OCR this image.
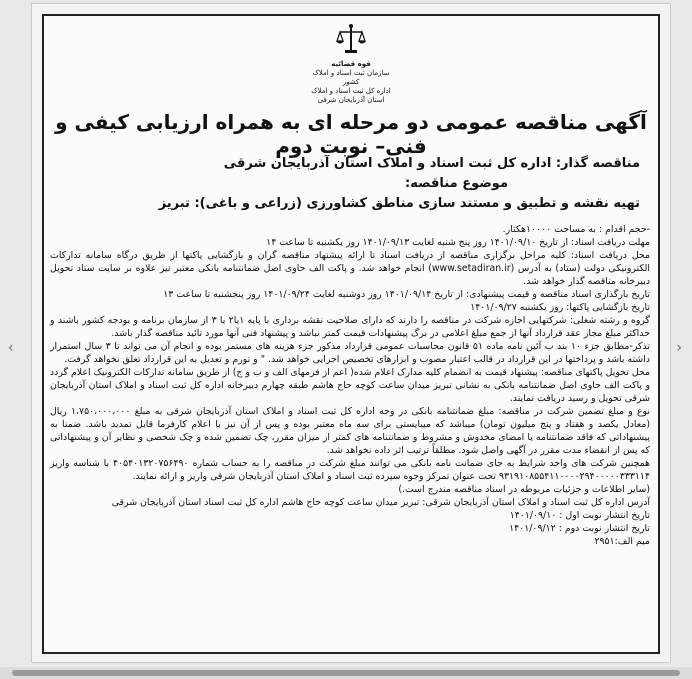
قوه قضائیه
سازمان ثبت اسناد و املاک کشور
اداره کل ثبت اسناد و املاک استان آذربایجان شرقی
آگهی مناقصه عمومی دو مرحله ای به همراه ارزیابی کیفی و فنی– نوبت دوم
مناقصه گذار: اداره کل ثبت اسناد و املاک استان آذربایجان شرقی
موضوع مناقصه:
تهیه نقشه و تطبیق و مستند سازی مناطق کشاورزی (زراعی و باغی): تبریز

-حجم اقدام : به مساحت ۱۰۰۰۰هکتار.

مهلت دریافت اسناد: از تاریخ ۱۴۰۱/۰۹/۱۰ روز پنج شنبه لغایت ۱۴۰۱/۰۹/۱۳ روز یکشنبه تا ساعت ۱۴

محل دریافت اسناد: کلیه مراحل برگزاری مناقصه از دریافت اسناد تا ارائه پیشنهاد مناقصه گران و بازگشایی پاکتها از طریق درگاه سامانه تدارکات الکترونیکی دولت (ستاد) به آدرس (www.setadiran.ir) انجام خواهد شد. و پاکت الف حاوی اصل ضمانتنامه بانکی معتبر نیز علاوه بر سایت ستاد تحویل دبیرخانه مناقصه گذار خواهد شد.

تاریخ بارگذاری اسناد مناقصه و قیمت پیشنهادی: از تاریخ ۱۴۰۱/۰۹/۱۴ روز دوشنبه لغایت ۱۴۰۱/۰۹/۲۴ روز پنجشنبه تا ساعت ۱۳

تاریخ بازگشایی پاکتها: روز یکشنبه ۱۴۰۱/۰۹/۲۷

گروه و رشته شغلی: شرکتهایی اجازه شرکت در مناقصه را دارند که دارای صلاحیت نقشه برداری با پایه ۱یا۲ یا ۳ از سازمان برنامه و بودجه کشور باشند و حداکثر مبلغ مجاز عقد قرارداد آنها از جمع مبلغ اعلامی در برگ پیشنهادات قیمت کمتر نباشد و پیشنهاد فنی آنها مورد تائید مناقصه گذار باشد.

تذکر-مطابق جزء ۱۰ بند ب آئین نامه ماده ۵۱ قانون محاسبات عمومی قرارداد مذکور جزء هزینه های مستمر بوده و انجام آن می تواند تا ۳ سال استمرار داشته باشد و پرداختها در این قرارداد در قالب اعتبار مصوب و ابزارهای تخصیص اجرایی خواهد شد. " و تورم و تعدیل به این قرارداد تعلق نخواهد گرفت.

محل تحویل پاکتهای مناقصه: پیشنهاد قیمت به انضمام کلیه مدارک اعلام شده( اعم از فرمهای الف و ب و ج) از طریق سامانه تدارکات الکترونیک اعلام گردد و پاکت الف حاوی اصل ضمانتنامه بانکی به نشانی تبریز میدان ساعت کوچه حاج هاشم طبقه چهارم دبیرخانه اداره کل ثبت اسناد و املاک استان آذربایجان شرقی تحویل و رسید دریافت نمایند.

نوع و مبلغ تضمین شرکت در مناقصه: مبلغ ضمانتنامه بانکی در وجه اداره کل ثبت اسناد و املاک استان آذربایجان شرقی به مبلغ ۱،۷۵۰،۰۰۰،۰۰۰ ریال (معادل یکصد و هفتاد و پنج میلیون تومان) میباشد که میبایستی برای سه ماه معتبر بوده و پس از آن نیز با اعلام کارفرما قابل تمدید باشد. ضمنا به پیشنهاداتی که فاقد ضمانتنامه یا امضای مخدوش و مشروط و ضمانتنامه های کمتر از میزان مقرر، چک تضمین شده و چک شخصی و نظایر آن و پیشنهاداتی که پس از انقضاء مدت مقرر در آگهی واصل شود. مطلقاً ترتیب اثر داده نخواهد شد.

همچنین شرکت های واجد شرایط به جای ضمانت نامه بانکی می توانند مبلغ شرکت در مناقصه را به حساب شماره ۴۰۵۴۰۱۳۲۰۷۵۶۴۹۰ با شناسه واریز ۹۳۱۹۱۰۸۵۵۴۱۱۰۰۰۰۲۹۴۰۰۰۰۰۳۳۳۱۱۴ تحت عنوان تمرکز وجوه سپرده ثبت اسناد و املاک استان آذربایجان شرقی واریز و ارائه نمایند.

(سایر اطلاعات و جزئیات مربوطه در اسناد مناقصه مندرج است.)

آدرس اداره کل ثبت اسناد و املاک استان آذربایجان شرقی: تبریز میدان ساعت کوچه حاج هاشم اداره کل ثبت اسناد استان آذربایجان شرقی

تاریخ انتشار نوبت اول : ۱۴۰۱/۰۹/۱۰

تاریخ انتشار نوبت دوم : ۱۴۰۱/۰۹/۱۲

میم الف:۲۹۵۱

‹	›
